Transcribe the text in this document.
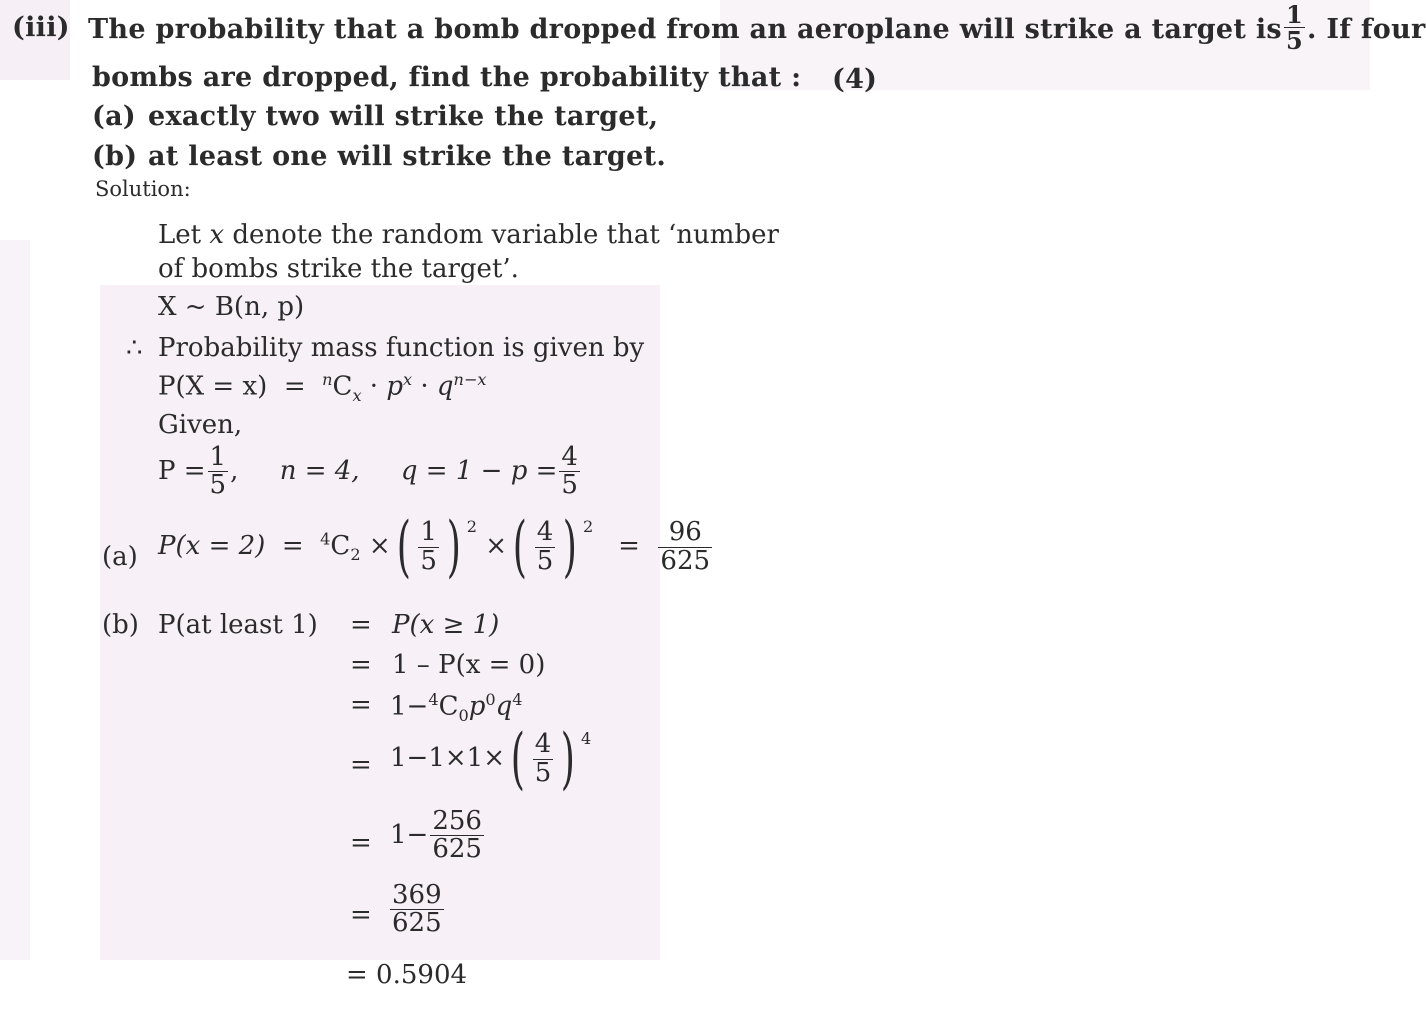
(iii) The probability that a bomb dropped from an aeroplane will strike a target is $\frac{1}{5}$ . If four
bombs are dropped, find the probability that : (4)
(a) exactly two will strike the target,
(b) at least one will strike the target.
Solution:
Let x denote the random variable that ‘number
of bombs strike the target’.
X ~ B(n, p)
∴ Probability mass function is given by
$P(X = x) = ^nC_x \cdot p^x \cdot q^{n-x}$
Given,
$P = \frac{1}{5}$ , n = 4, $q = 1 - p = \frac{4}{5}$
(a) $P(x = 2) = ^4C_2$ ×( $\frac{1}{5}$ ) $^2$ ×( $\frac{4}{5}$ ) $^2 = \frac{96}{625}$
(b) P(at least 1) = P(x ≥ 1)
= 1 – P(x = 0)
= $1-^4C_0p^0q^4$
= $1-1\times 1\times( \frac{4}{5}$ ) $^4$
= $1- \frac{256}{625}$
= $\frac{369}{625}$
= 0.5904
